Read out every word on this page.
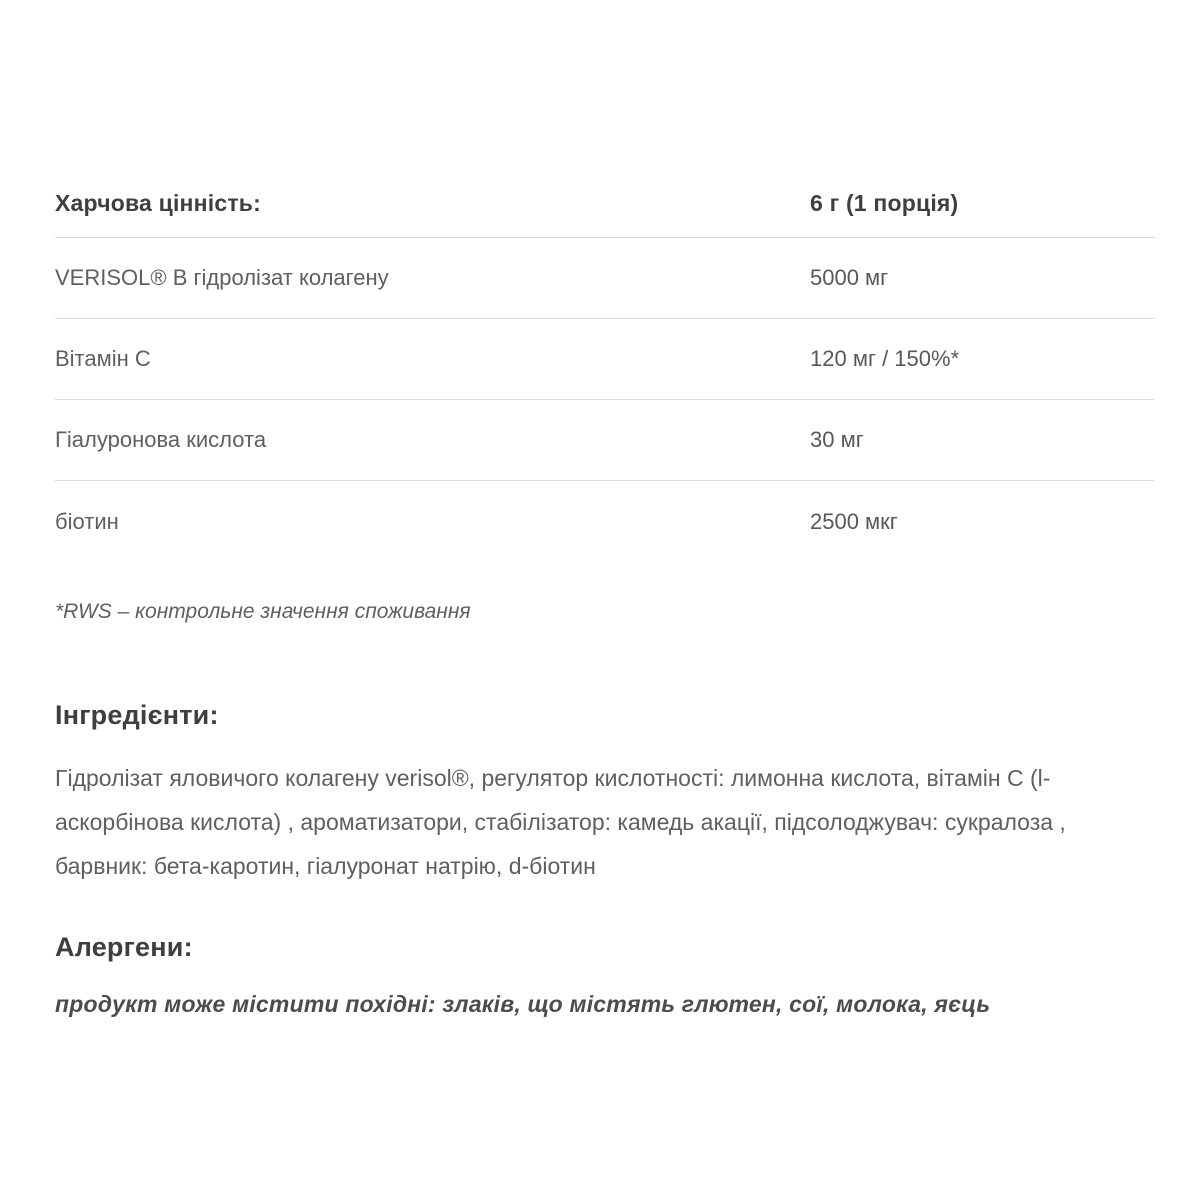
Харчова цінність:	6 г (1 порція)
VERISOL® В гідролізат колагену	5000 мг
Вітамін C	120 мг / 150%*
Гіалуронова кислота	30 мг
біотин	2500 мкг
*RWS – контрольне значення споживання
Інгредієнти:
Гідролізат яловичого колагену verisol®, регулятор кислотності: лимонна кислота, вітамін C (l-аскорбінова кислота) , ароматизатори, стабілізатор: камедь акації, підсолоджувач: сукралоза , барвник: бета-каротин, гіалуронат натрію, d-біотин
Алергени:
продукт може містити похідні: злаків, що містять глютен, сої, молока, яєць
